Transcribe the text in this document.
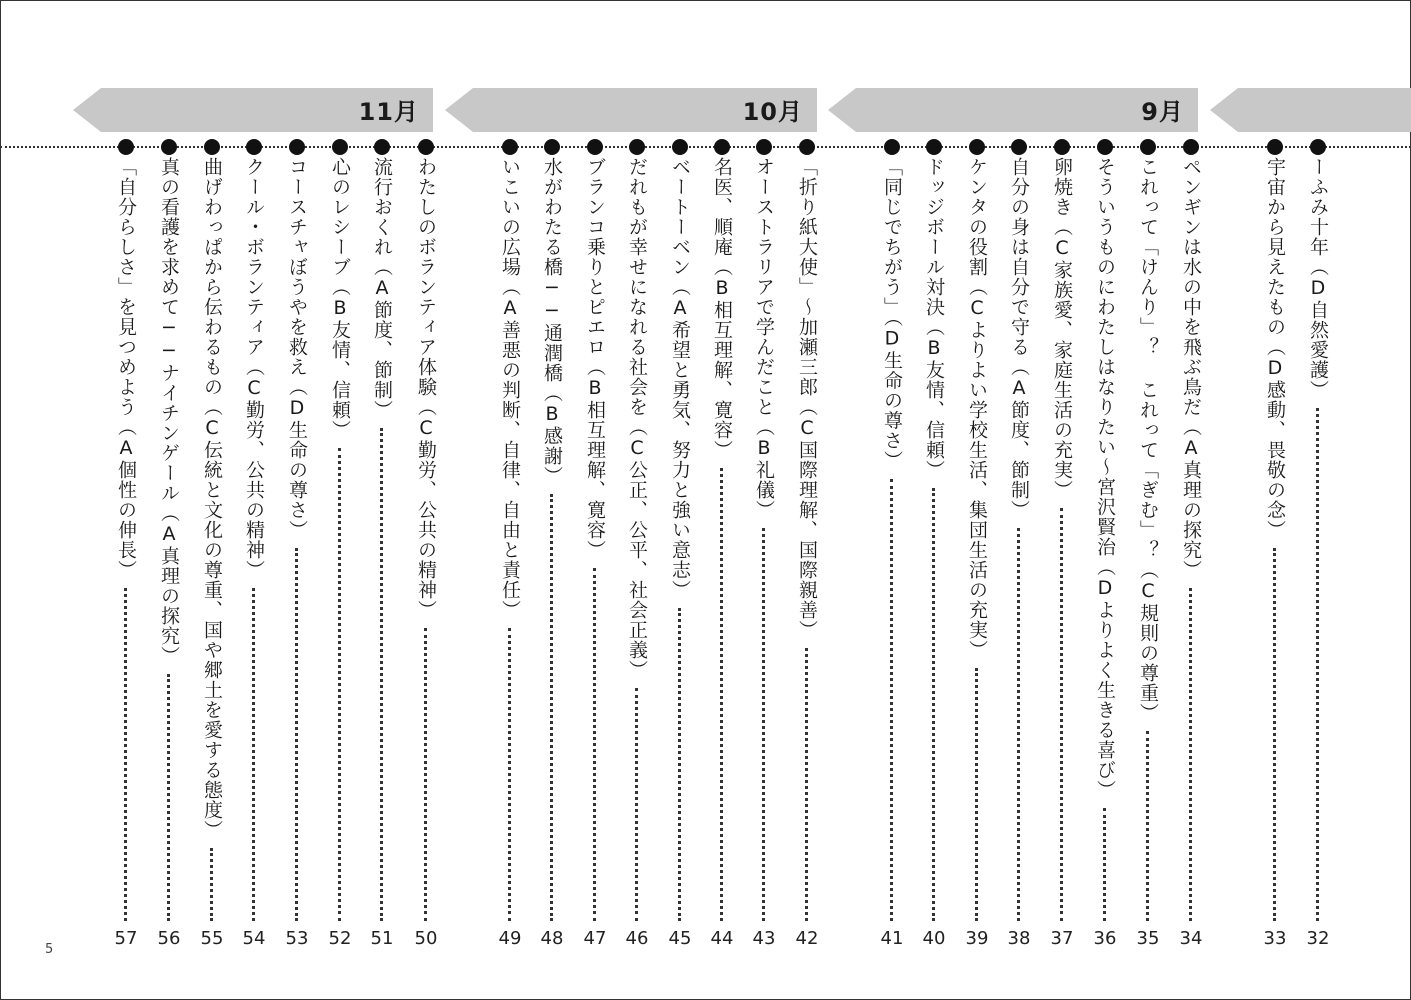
11月	10月	9月
ーふみ十年（D自然愛護）
32
宇宙から見えたもの（D感動、畏敬の念）
33
ペンギンは水の中を飛ぶ鳥だ（A真理の探究）
34
これって「けんり」？ これって「ぎむ」？（C規則の尊重）
35
そういうものにわたしはなりたい〜宮沢賢治（Dよりよく生きる喜び）
36
卵焼き（C家族愛、家庭生活の充実）
37
自分の身は自分で守る（A節度、節制）
38
ケンタの役割（Cよりよい学校生活、集団生活の充実）
39
ドッジボール対決（B友情、信頼）
40
「同じでちがう」（D生命の尊さ）
41
「折り紙大使」〜加瀬三郎（C国際理解、国際親善）
42
オーストラリアで学んだこと（B礼儀）
43
名医、順庵（B相互理解、寛容）
44
ベートーベン（A希望と勇気、努力と強い意志）
45
だれもが幸せになれる社会を（C公正、公平、社会正義）
46
ブランコ乗りとピエロ（B相互理解、寛容）
47
水がわたる橋──通潤橋（B感謝）
48
いこいの広場（A善悪の判断、自律、自由と責任）
49
わたしのボランティア体験（C勤労、公共の精神）
50
流行おくれ（A節度、節制）
51
心のレシーブ（B友情、信頼）
52
コースチャぼうやを救え（D生命の尊さ）
53
クール・ボランティア（C勤労、公共の精神）
54
曲げわっぱから伝わるもの（C伝統と文化の尊重、国や郷土を愛する態度）
55
真の看護を求めて──ナイチンゲール（A真理の探究）
56
「自分らしさ」を見つめよう（A個性の伸長）
57
5
